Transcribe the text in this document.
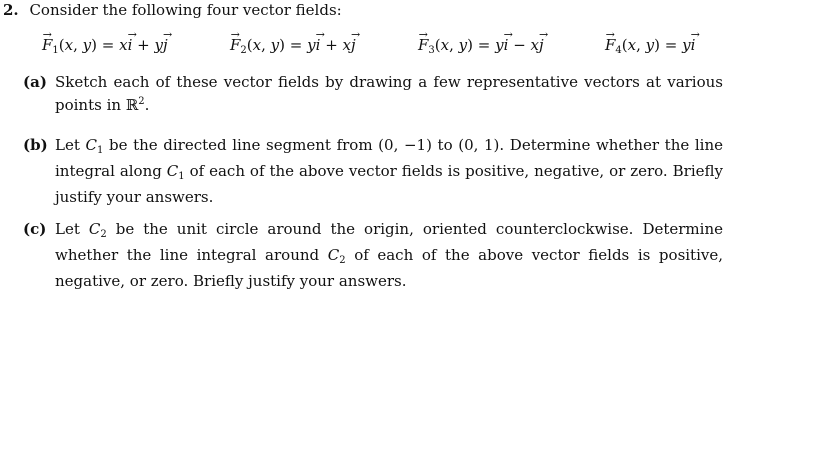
2. Consider the following four vector fields:
→ $F_1(x$, y) = x→ i + y→ j	→ $F_2(x$, y) = y→ i + x→ j	→ $F_3(x$, y) = y→ i − x→ j	→ $F_4(x$, y) = y→ i
(a) Sketch each of these vector fields by drawing a few representative vectors at various points in ℝ$^2$.
(b) Let $C_1$ be the directed line segment from (0, −1) to (0, 1). Determine whether the line integral along $C_1$ of each of the above vector fields is positive, negative, or zero. Briefly justify your answers.
(c) Let $C_2$ be the unit circle around the origin, oriented counterclockwise. Determine whether the line integral around $C_2$ of each of the above vector fields is positive, negative, or zero. Briefly justify your answers.
